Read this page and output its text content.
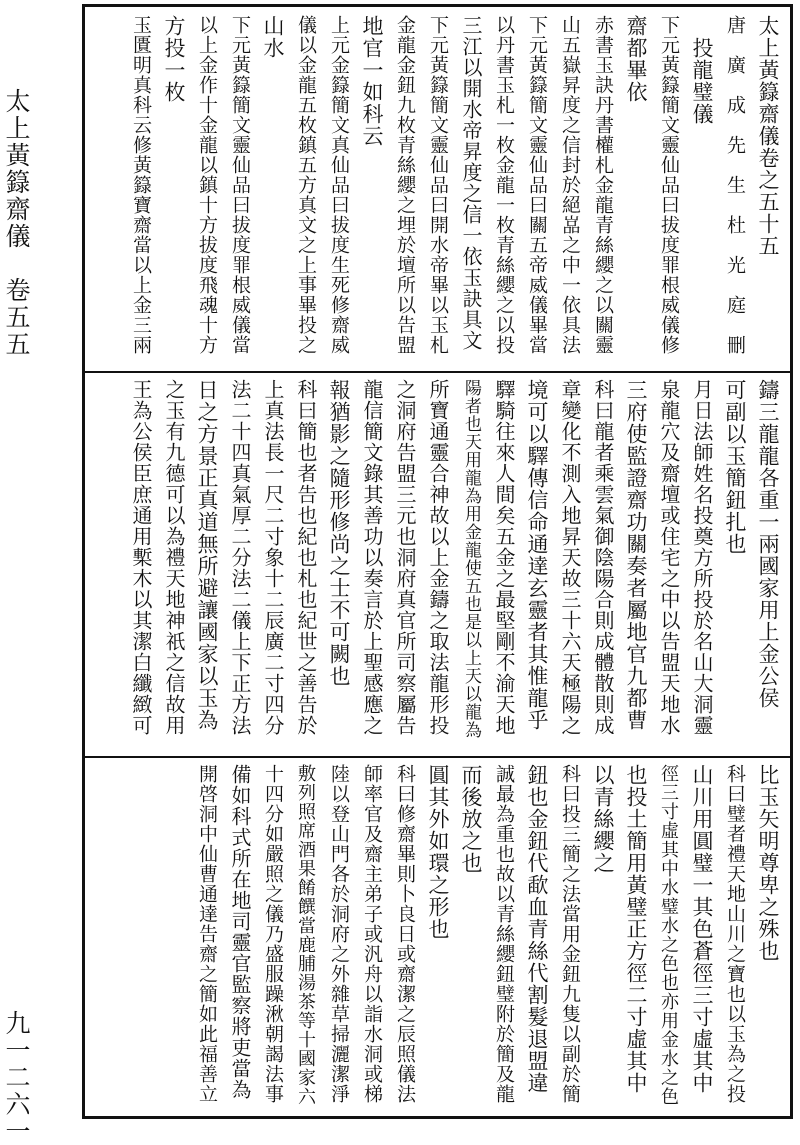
太上黃籙齋儀　卷五五
九一二六一
太上黃籙齋儀卷之五十五
唐　廣　成　先　生　杜　光　庭　刪
　投龍璧儀
下元黃籙簡文靈仙品曰拔度罪根威儀修
齋都畢依
赤書玉訣丹書權札金龍青絲纓之以關靈
山五嶽昇度之信封於絕嵓之中一依具法
下元黃籙簡文靈仙品曰關五帝威儀畢當
以丹書玉札一枚金龍一枚青絲纓之以投
三江以開水帝昇度之信一依玉訣具文
下元黃籙簡文靈仙品曰開水帝畢以玉札
金龍金鈕九枚青絲纓之埋於壇所以告盟
地官一如科云
上元金籙簡文真仙品曰拔度生死修齋威
儀以金龍五枚鎮五方真文之上事畢投之
山水
下元黃籙簡文靈仙品曰拔度罪根威儀當
以上金作十金龍以鎮十方拔度飛魂十方
方投一枚
玉匱明真科云修黃籙寶齋當以上金三兩
鑄三龍龍各重一兩國家用上金公侯
可副以玉簡鈕扎也
月日法師姓名投奠方所投於名山大洞靈
泉龍穴及齋壇或住宅之中以告盟天地水
三府使監證齋功關奏者屬地官九都曹
科曰龍者乘雲氣御陰陽合則成體散則成
章變化不測入地昇天故三十六天極陽之
境可以驛傳信命通達玄靈者其惟龍乎
驛騎往來人間矣五金之最堅剛不渝天地
陽者也天用龍為用金龍使五也是以上天以龍為
所寶通靈合神故以上金鑄之取法龍形投
之洞府告盟三元也洞府真官所司察屬告
龍信簡文錄其善功以奏言於上聖感應之
報猶影之隨形修尚之士不可闕也
科曰簡也者告也紀也札也紀世之善告於
上真法長一尺二寸象十二辰廣二寸四分
法二十四真氣厚二分法二儀上下正方法
日之方景正真道無所避讓國家以玉為
之玉有九德可以為禮天地神祇之信故用
王為公侯臣庶通用槧木以其潔白纖緻可
比玉矢明尊卑之殊也
科曰璧者禮天地山川之寶也以玉為之投
山川用圓璧一其色蒼徑三寸虛其中
徑三寸虛其中水璧水之色也亦用金水之色
也投土簡用黃璧正方徑二寸虛其中
以青絲纓之
科曰投三簡之法當用金鈕九隻以副於簡
鈕也金鈕代歃血青絲代割髮退盟違
誠最為重也故以青絲纓鈕璧附於簡及龍
而後放之也
圓其外如環之形也
科曰修齋畢則卜良日或齋潔之辰照儀法
師率官及齋主弟子或汎舟以詣水洞或梯
陸以登山門各於洞府之外雜草掃灑潔淨
敷列照席酒果餚饌當鹿脯湯茶等十國家六
十四分如嚴照之儀乃盛服躁湫朝謁法事
備如科式所在地司靈官監察將吏當為
開啓洞中仙曹通達告齋之簡如此福善立
